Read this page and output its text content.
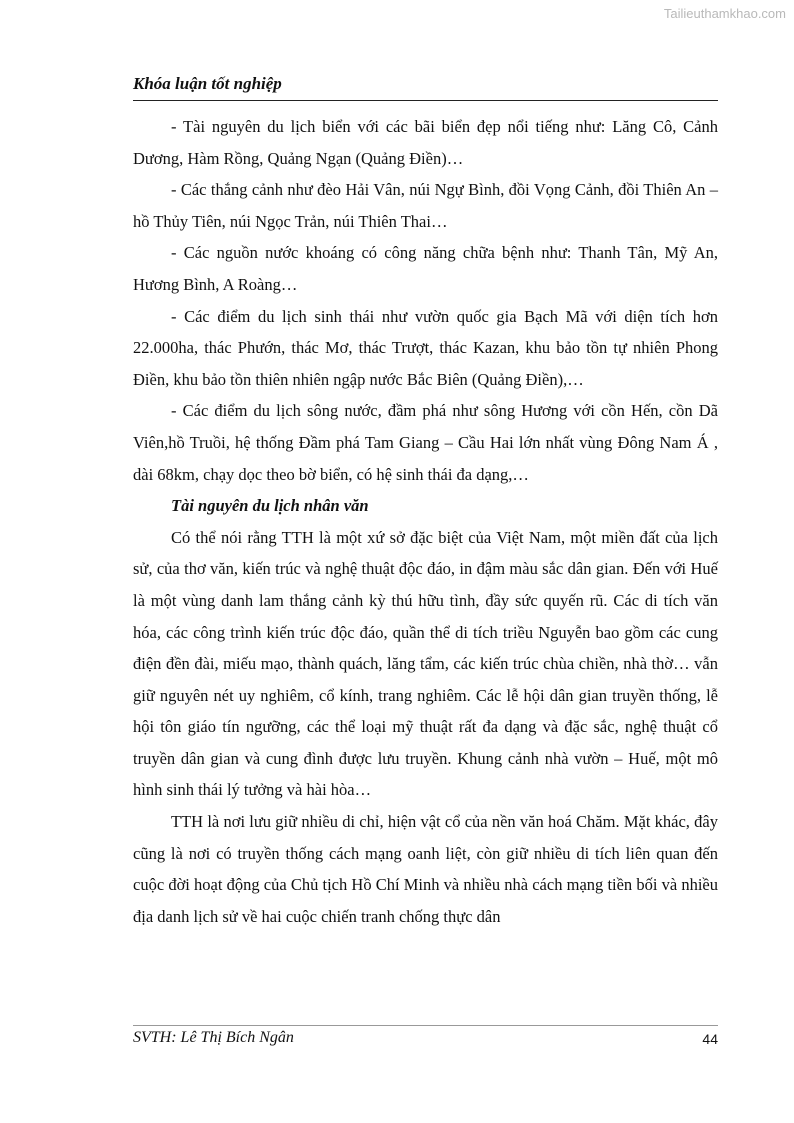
Tailieuthamkhao.com
Khóa luận tốt nghiệp

- Tài nguyên du lịch biển với các bãi biển đẹp nổi tiếng như: Lăng Cô, Cảnh Dương, Hàm Rồng, Quảng Ngạn (Quảng Điền)…

- Các thắng cảnh như đèo Hải Vân, núi Ngự Bình, đồi Vọng Cảnh, đồi Thiên An – hồ Thủy Tiên, núi Ngọc Trản, núi Thiên Thai…

- Các nguồn nước khoáng có công năng chữa bệnh như: Thanh Tân, Mỹ An, Hương Bình, A Roàng…

- Các điểm du lịch sinh thái như vườn quốc gia Bạch Mã với diện tích hơn 22.000ha, thác Phướn, thác Mơ, thác Trượt, thác Kazan, khu bảo tồn tự nhiên Phong Điền, khu bảo tồn thiên nhiên ngập nước Bắc Biên (Quảng Điền),…

- Các điểm du lịch sông nước, đầm phá như sông Hương với cồn Hến, cồn Dã Viên,hồ Truồi, hệ thống Đầm phá Tam Giang – Cầu Hai lớn nhất vùng Đông Nam Á , dài 68km, chạy dọc theo bờ biển, có hệ sinh thái đa dạng,…

Tài nguyên du lịch nhân văn

Có thể nói rằng TTH là một xứ sở đặc biệt của Việt Nam, một miền đất của lịch sử, của thơ văn, kiến trúc và nghệ thuật độc đáo, in đậm màu sắc dân gian. Đến với Huế là một vùng danh lam thắng cảnh kỳ thú hữu tình, đầy sức quyến rũ. Các di tích văn hóa, các công trình kiến trúc độc đáo, quần thể di tích triều Nguyễn bao gồm các cung điện đền đài, miếu mạo, thành quách, lăng tẩm, các kiến trúc chùa chiền, nhà thờ… vẫn giữ nguyên nét uy nghiêm, cổ kính, trang nghiêm. Các lễ hội dân gian truyền thống, lễ hội tôn giáo tín ngưỡng, các thể loại mỹ thuật rất đa dạng và đặc sắc, nghệ thuật cổ truyền dân gian và cung đình được lưu truyền. Khung cảnh nhà vườn – Huế, một mô hình sinh thái lý tưởng và hài hòa…

TTH là nơi lưu giữ nhiều di chỉ, hiện vật cổ của nền văn hoá Chăm. Mặt khác, đây cũng là nơi có truyền thống cách mạng oanh liệt, còn giữ nhiều di tích liên quan đến cuộc đời hoạt động của Chủ tịch Hồ Chí Minh và nhiều nhà cách mạng tiền bối và nhiều địa danh lịch sử về hai cuộc chiến tranh chống thực dân

SVTH: Lê Thị Bích Ngân	44
